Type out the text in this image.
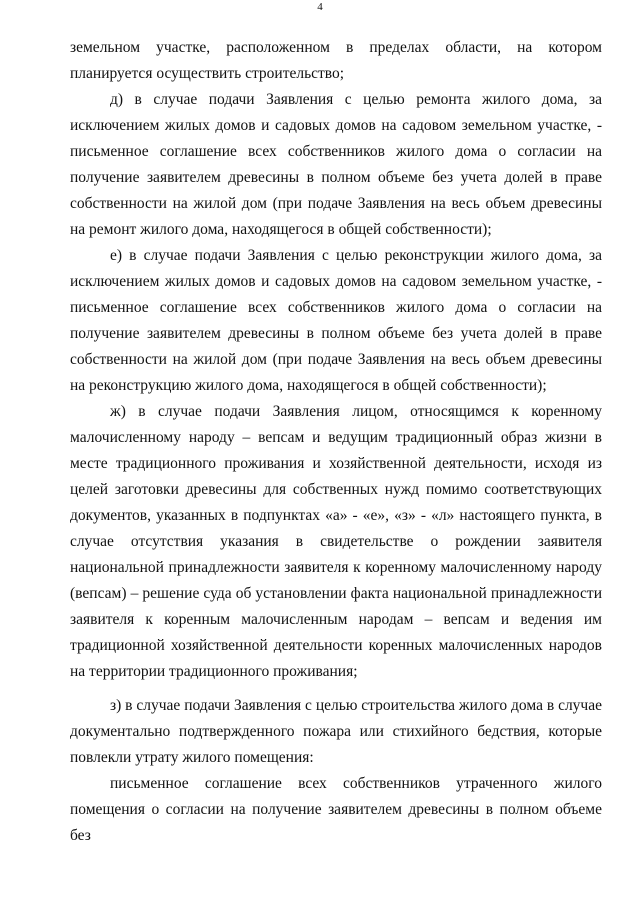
4

земельном участке, расположенном в пределах области, на котором планируется осуществить строительство;

д) в случае подачи Заявления с целью ремонта жилого дома, за исключением жилых домов и садовых домов на садовом земельном участке, - письменное соглашение всех собственников жилого дома о согласии на получение заявителем древесины в полном объеме без учета долей в праве собственности на жилой дом (при подаче Заявления на весь объем древесины на ремонт жилого дома, находящегося в общей собственности);

е) в случае подачи Заявления с целью реконструкции жилого дома, за исключением жилых домов и садовых домов на садовом земельном участке, - письменное соглашение всех собственников жилого дома о согласии на получение заявителем древесины в полном объеме без учета долей в праве собственности на жилой дом (при подаче Заявления на весь объем древесины на реконструкцию жилого дома, находящегося в общей собственности);

ж) в случае подачи Заявления лицом, относящимся к коренному малочисленному народу – вепсам и ведущим традиционный образ жизни в месте традиционного проживания и хозяйственной деятельности, исходя из целей заготовки древесины для собственных нужд помимо соответствующих документов, указанных в подпунктах «а» - «е», «з» - «л» настоящего пункта, в случае отсутствия указания в свидетельстве о рождении заявителя национальной принадлежности заявителя к коренному малочисленному народу (вепсам) – решение суда об установлении факта национальной принадлежности заявителя к коренным малочисленным народам – вепсам и ведения им традиционной хозяйственной деятельности коренных малочисленных народов на территории традиционного проживания;

з) в случае подачи Заявления с целью строительства жилого дома в случае документально подтвержденного пожара или стихийного бедствия, которые повлекли утрату жилого помещения:

письменное соглашение всех собственников утраченного жилого помещения о согласии на получение заявителем древесины в полном объеме без
